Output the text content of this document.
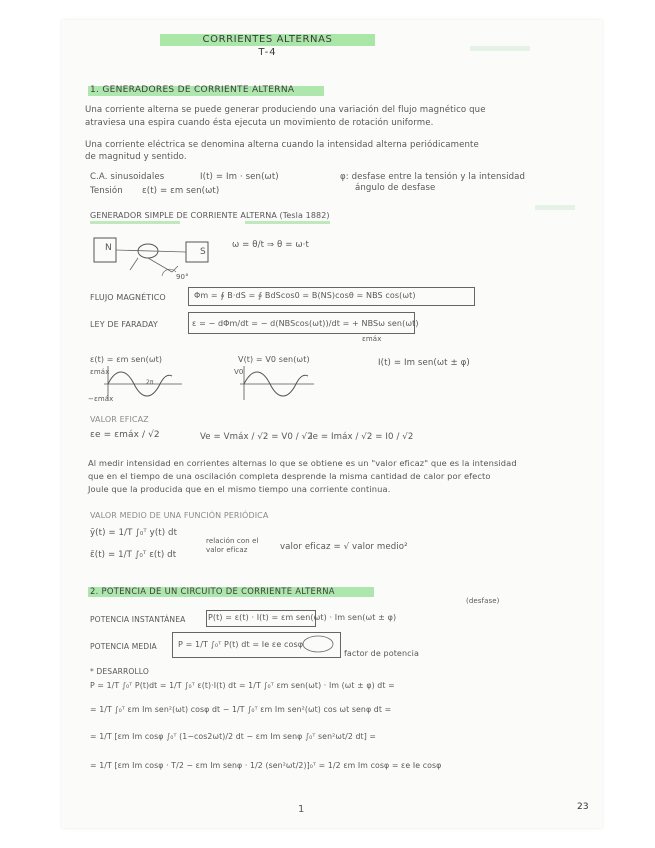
CORRIENTES ALTERNAS
T-4
1. GENERADORES DE CORRIENTE ALTERNA
Una corriente alterna se puede generar produciendo una variación del flujo magnético que
atraviesa una espira cuando ésta ejecuta un movimiento de rotación uniforme.
Una corriente eléctrica se denomina alterna cuando la intensidad alterna periódicamente
de magnitud y sentido.
C.A. sinusoidales	I(t) = Im · sen(ωt)	φ: desfase entre la tensión y la intensidad
ángulo de desfase
Tensión ε(t) = εm sen(ωt)
GENERADOR SIMPLE DE CORRIENTE ALTERNA (Tesla 1882)
N	S
90°
ω = θ/t ⇒ θ = ω·t
FLUJO MAGNÉTICO	Φm = ∮ B·dS = ∮ BdScos0 = B(NS)cosθ = NBS cos(ωt)
LEY DE FARADAY	ε = − dΦm/dt = − d(NBScos(ωt))/dt = + NBSω sen(ωt)
εmáx
ε(t) = εm sen(ωt)
εmáx
−εmáx
2π
V(t) = V0 sen(ωt)
V0
I(t) = Im sen(ωt ± φ)
VALOR EFICAZ
εe = εmáx / √2	Ve = Vmáx / √2 = V0 / √2
Ie = Imáx / √2 = I0 / √2
Al medir intensidad en corrientes alternas lo que se obtiene es un "valor eficaz" que es la intensidad
que en el tiempo de una oscilación completa desprende la misma cantidad de calor por efecto
Joule que la producida que en el mismo tiempo una corriente continua.
VALOR MEDIO DE UNA FUNCIÓN PERIÓDICA
ȳ(t) = 1/T ∫₀ᵀ y(t) dt
ε̄(t) = 1/T ∫₀ᵀ ε(t) dt
relación con el
valor eficaz	valor eficaz = √ valor medio²
2. POTENCIA DE UN CIRCUITO DE CORRIENTE ALTERNA
(desfase)
POTENCIA INSTANTÁNEA	P(t) = ε(t) · I(t) = εm sen(ωt) · Im sen(ωt ± φ)
POTENCIA MEDIA	P = 1/T ∫₀ᵀ P(t) dt = Ie εe cosφ
factor de potencia
* DESARROLLO
P = 1/T ∫₀ᵀ P(t)dt = 1/T ∫₀ᵀ ε(t)·I(t) dt = 1/T ∫₀ᵀ εm sen(ωt) · Im (ωt ± φ) dt =
= 1/T ∫₀ᵀ εm Im sen²(ωt) cosφ dt − 1/T ∫₀ᵀ εm Im sen²(ωt) cos ωt senφ dt =
= 1/T [εm Im cosφ ∫₀ᵀ (1−cos2ωt)/2 dt − εm Im senφ ∫₀ᵀ sen²ωt/2 dt] =
= 1/T [εm Im cosφ · T/2 − εm Im senφ · 1/2 (sen²ωt/2)]₀ᵀ = 1/2 εm Im cosφ = εe Ie cosφ
1	23
